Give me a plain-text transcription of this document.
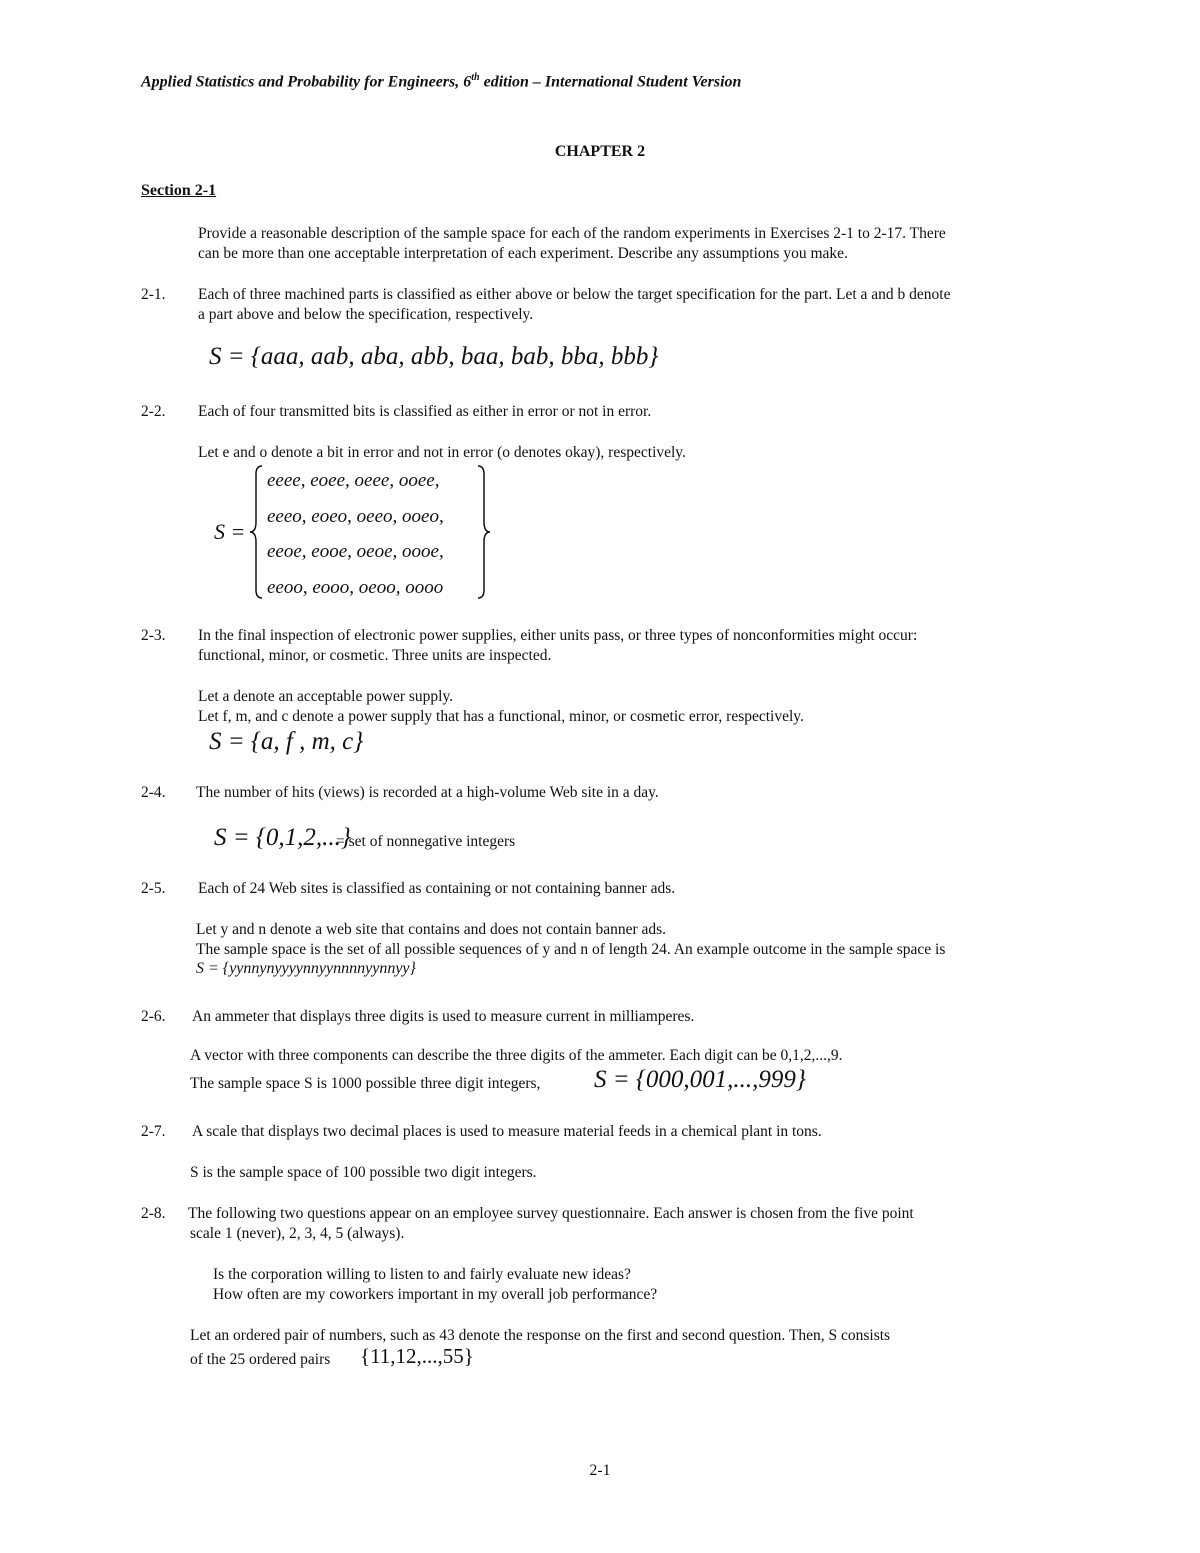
Applied Statistics and Probability for Engineers, 6th edition – International Student Version
CHAPTER 2
Section 2-1
Provide a reasonable description of the sample space for each of the random experiments in Exercises 2-1 to 2-17. There
can be more than one acceptable interpretation of each experiment. Describe any assumptions you make.
2-1. Each of three machined parts is classified as either above or below the target specification for the part. Let a and b denote
a part above and below the specification, respectively.
S = {aaa, aab, aba, abb, baa, bab, bba, bbb}
2-2. Each of four transmitted bits is classified as either in error or not in error.
Let e and o denote a bit in error and not in error (o denotes okay), respectively.
S =
eeee, eoee, oeee, ooee,
eeeo, eoeo, oeeo, ooeo,
eeoe, eooe, oeoe, oooe,
eeoo, eooo, oeoo, oooo
2-3. In the final inspection of electronic power supplies, either units pass, or three types of nonconformities might occur:
functional, minor, or cosmetic. Three units are inspected.
Let a denote an acceptable power supply.
Let f, m, and c denote a power supply that has a functional, minor, or cosmetic error, respectively.
S = {a, f , m, c}
2-4. The number of hits (views) is recorded at a high-volume Web site in a day.
S = {0,1,2,...}
= set of nonnegative integers
2-5. Each of 24 Web sites is classified as containing or not containing banner ads.
Let y and n denote a web site that contains and does not contain banner ads.
The sample space is the set of all possible sequences of y and n of length 24. An example outcome in the sample space is
S = {yynnynyyyynnyynnnnyynnyy}
2-6. An ammeter that displays three digits is used to measure current in milliamperes.
A vector with three components can describe the three digits of the ammeter. Each digit can be 0,1,2,...,9.
The sample space S is 1000 possible three digit integers, S = {000,001,...,999}
2-7. A scale that displays two decimal places is used to measure material feeds in a chemical plant in tons.
S is the sample space of 100 possible two digit integers.
2-8. The following two questions appear on an employee survey questionnaire. Each answer is chosen from the five point
scale 1 (never), 2, 3, 4, 5 (always).
Is the corporation willing to listen to and fairly evaluate new ideas?
How often are my coworkers important in my overall job performance?
Let an ordered pair of numbers, such as 43 denote the response on the first and second question. Then, S consists
of the 25 ordered pairs {11,12,...,55}
2-1
